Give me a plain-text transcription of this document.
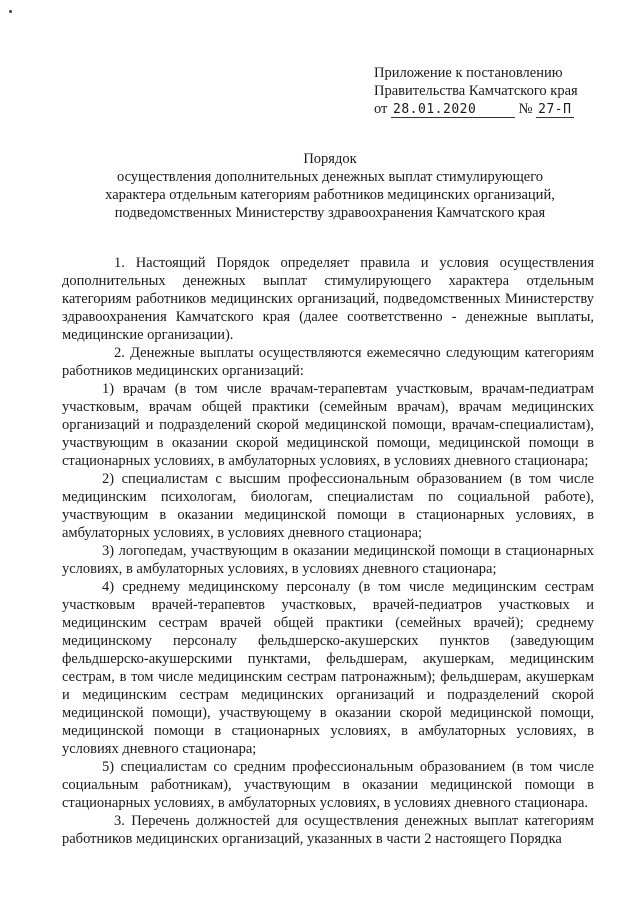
Приложение к постановлению
Правительства Камчатского края
от 28.01.2020	№ 27-П
Порядок
осуществления дополнительных денежных выплат стимулирующего
характера отдельным категориям работников медицинских организаций,
подведомственных Министерству здравоохранения Камчатского края

1. Настоящий Порядок определяет правила и условия осуществления дополнительных денежных выплат стимулирующего характера отдельным категориям работников медицинских организаций, подведомственных Министерству здравоохранения Камчатского края (далее соответственно - денежные выплаты, медицинские организации).

2. Денежные выплаты осуществляются ежемесячно следующим категориям работников медицинских организаций:

1) врачам (в том числе врачам-терапевтам участковым, врачам-педиатрам участковым, врачам общей практики (семейным врачам), врачам медицинских организаций и подразделений скорой медицинской помощи, врачам-специалистам), участвующим в оказании скорой медицинской помощи, медицинской помощи в стационарных условиях, в амбулаторных условиях, в условиях дневного стационара;

2) специалистам с высшим профессиональным образованием (в том числе медицинским психологам, биологам, специалистам по социальной работе), участвующим в оказании медицинской помощи в стационарных условиях, в амбулаторных условиях, в условиях дневного стационара;

3) логопедам, участвующим в оказании медицинской помощи в стационарных условиях, в амбулаторных условиях, в условиях дневного стационара;

4) среднему медицинскому персоналу (в том числе медицинским сестрам участковым врачей-терапевтов участковых, врачей-педиатров участковых и медицинским сестрам врачей общей практики (семейных врачей); среднему медицинскому персоналу фельдшерско-акушерских пунктов (заведующим фельдшерско-акушерскими пунктами, фельдшерам, акушеркам, медицинским сестрам, в том числе медицинским сестрам патронажным); фельдшерам, акушеркам и медицинским сестрам медицинских организаций и подразделений скорой медицинской помощи), участвующему в оказании скорой медицинской помощи, медицинской помощи в стационарных условиях, в амбулаторных условиях, в условиях дневного стационара;

5) специалистам со средним профессиональным образованием (в том числе социальным работникам), участвующим в оказании медицинской помощи в стационарных условиях, в амбулаторных условиях, в условиях дневного стационара.

3. Перечень должностей для осуществления денежных выплат категориям работников медицинских организаций, указанных в части 2 настоящего Порядка
